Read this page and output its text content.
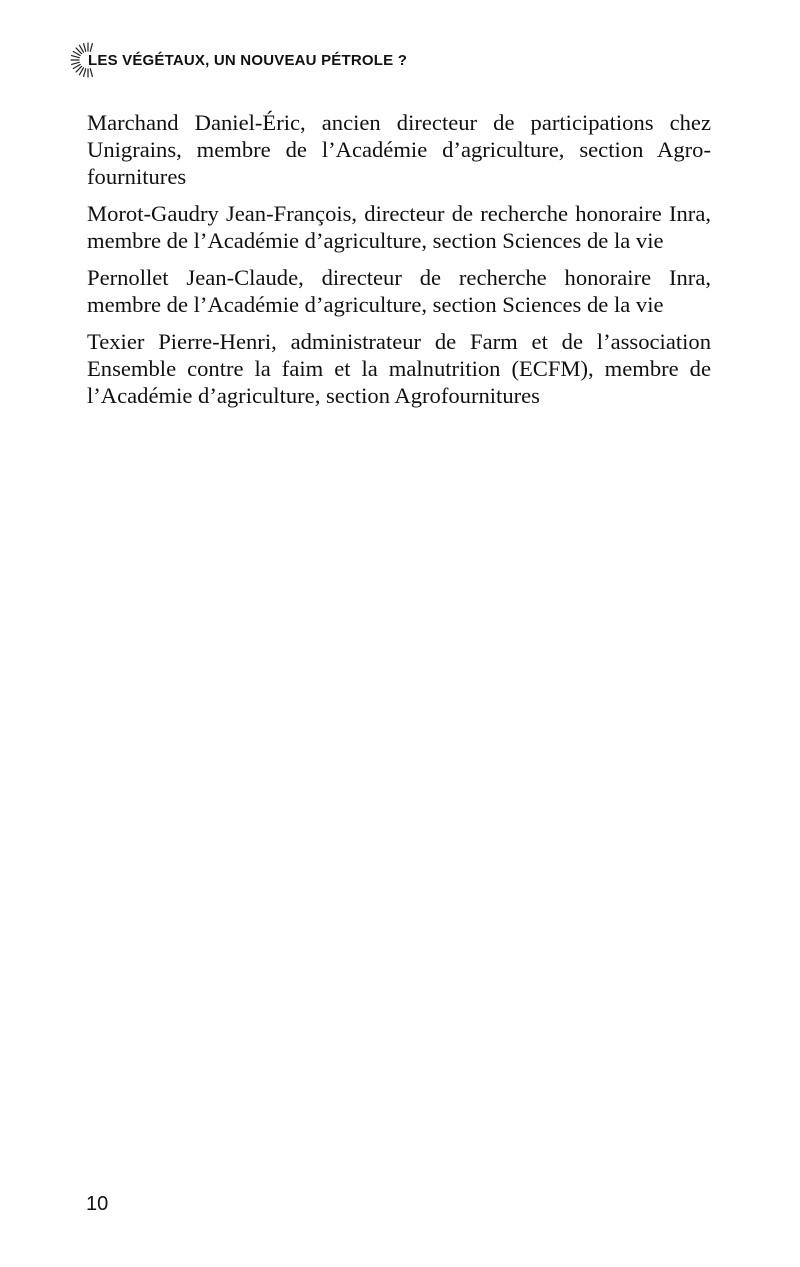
LES VÉGÉTAUX, UN NOUVEAU PÉTROLE ?

Marchand Daniel-Éric, ancien directeur de participations chez Unigrains, membre de l’Académie d’agriculture, section Agro-fournitures

Morot-Gaudry Jean-François, directeur de recherche honoraire Inra, membre de l’Académie d’agriculture, section Sciences de la vie

Pernollet Jean-Claude, directeur de recherche honoraire Inra, membre de l’Académie d’agriculture, section Sciences de la vie

Texier Pierre-Henri, administrateur de Farm et de l’association Ensemble contre la faim et la malnutrition (ECFM), membre de l’Académie d’agriculture, section Agrofournitures

10
